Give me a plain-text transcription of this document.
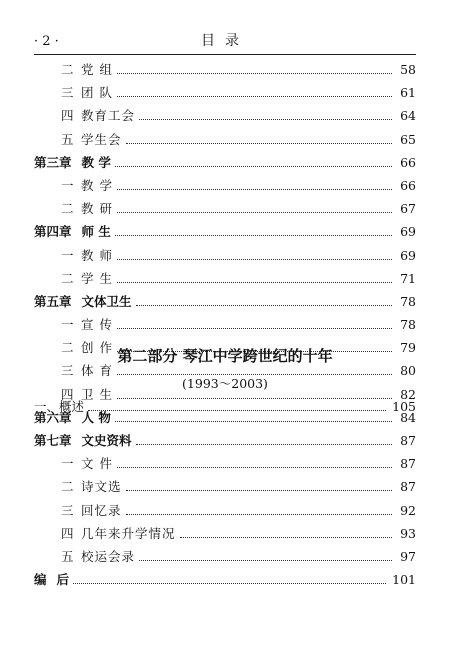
· 2 ·	目录
二 党 组	58
三 团 队	61
四 教育工会	64
五 学生会	65
第三章 教 学	66
一 教 学	66
二 教 研	67
第四章 师 生	69
一 教 师	69
二 学 生	71
第五章 文体卫生	78
一 宣 传	78
二 创 作	79
三 体 育	80
四 卫 生	82
第六章 人 物	84
第七章 文史资料	87
一 文 件	87
二 诗文选	87
三 回忆录	92
四 几年来升学情况	93
五 校运会录	97
编 后	101
第二部分 琴江中学跨世纪的十年
(1993～2003)
一、概述	105
